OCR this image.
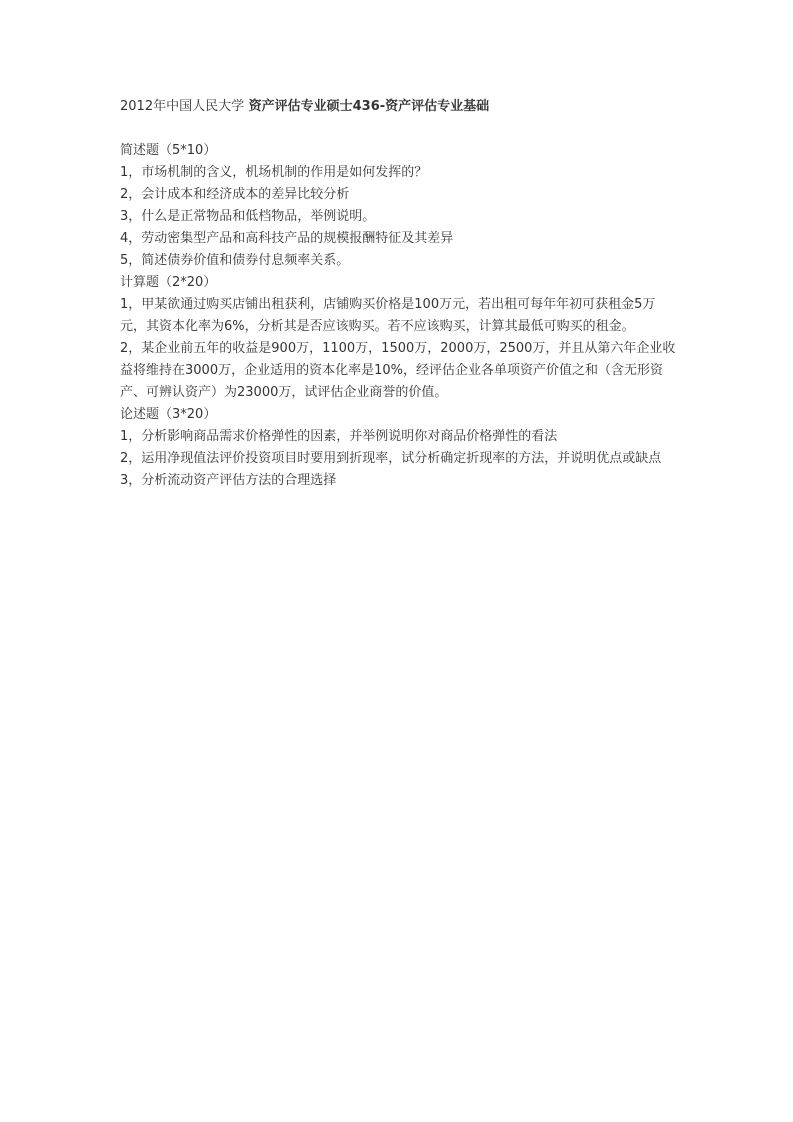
2012年中国人民大学 资产评估专业硕士436-资产评估专业基础

简述题（5*10）

1，市场机制的含义，机场机制的作用是如何发挥的？

2，会计成本和经济成本的差异比较分析

3，什么是正常物品和低档物品，举例说明。

4，劳动密集型产品和高科技产品的规模报酬特征及其差异

5，简述债券价值和债券付息频率关系。

计算题（2*20）

1，甲某欲通过购买店铺出租获利，店铺购买价格是100万元，若出租可每年年初可获租金5万元，其资本化率为6%，分析其是否应该购买。若不应该购买，计算其最低可购买的租金。

2，某企业前五年的收益是900万，1100万，1500万，2000万，2500万，并且从第六年企业收益将维持在3000万，企业适用的资本化率是10%，经评估企业各单项资产价值之和（含无形资产、可辨认资产）为23000万，试评估企业商誉的价值。

论述题（3*20）

1，分析影响商品需求价格弹性的因素，并举例说明你对商品价格弹性的看法

2，运用净现值法评价投资项目时要用到折现率，试分析确定折现率的方法，并说明优点或缺点

3，分析流动资产评估方法的合理选择
